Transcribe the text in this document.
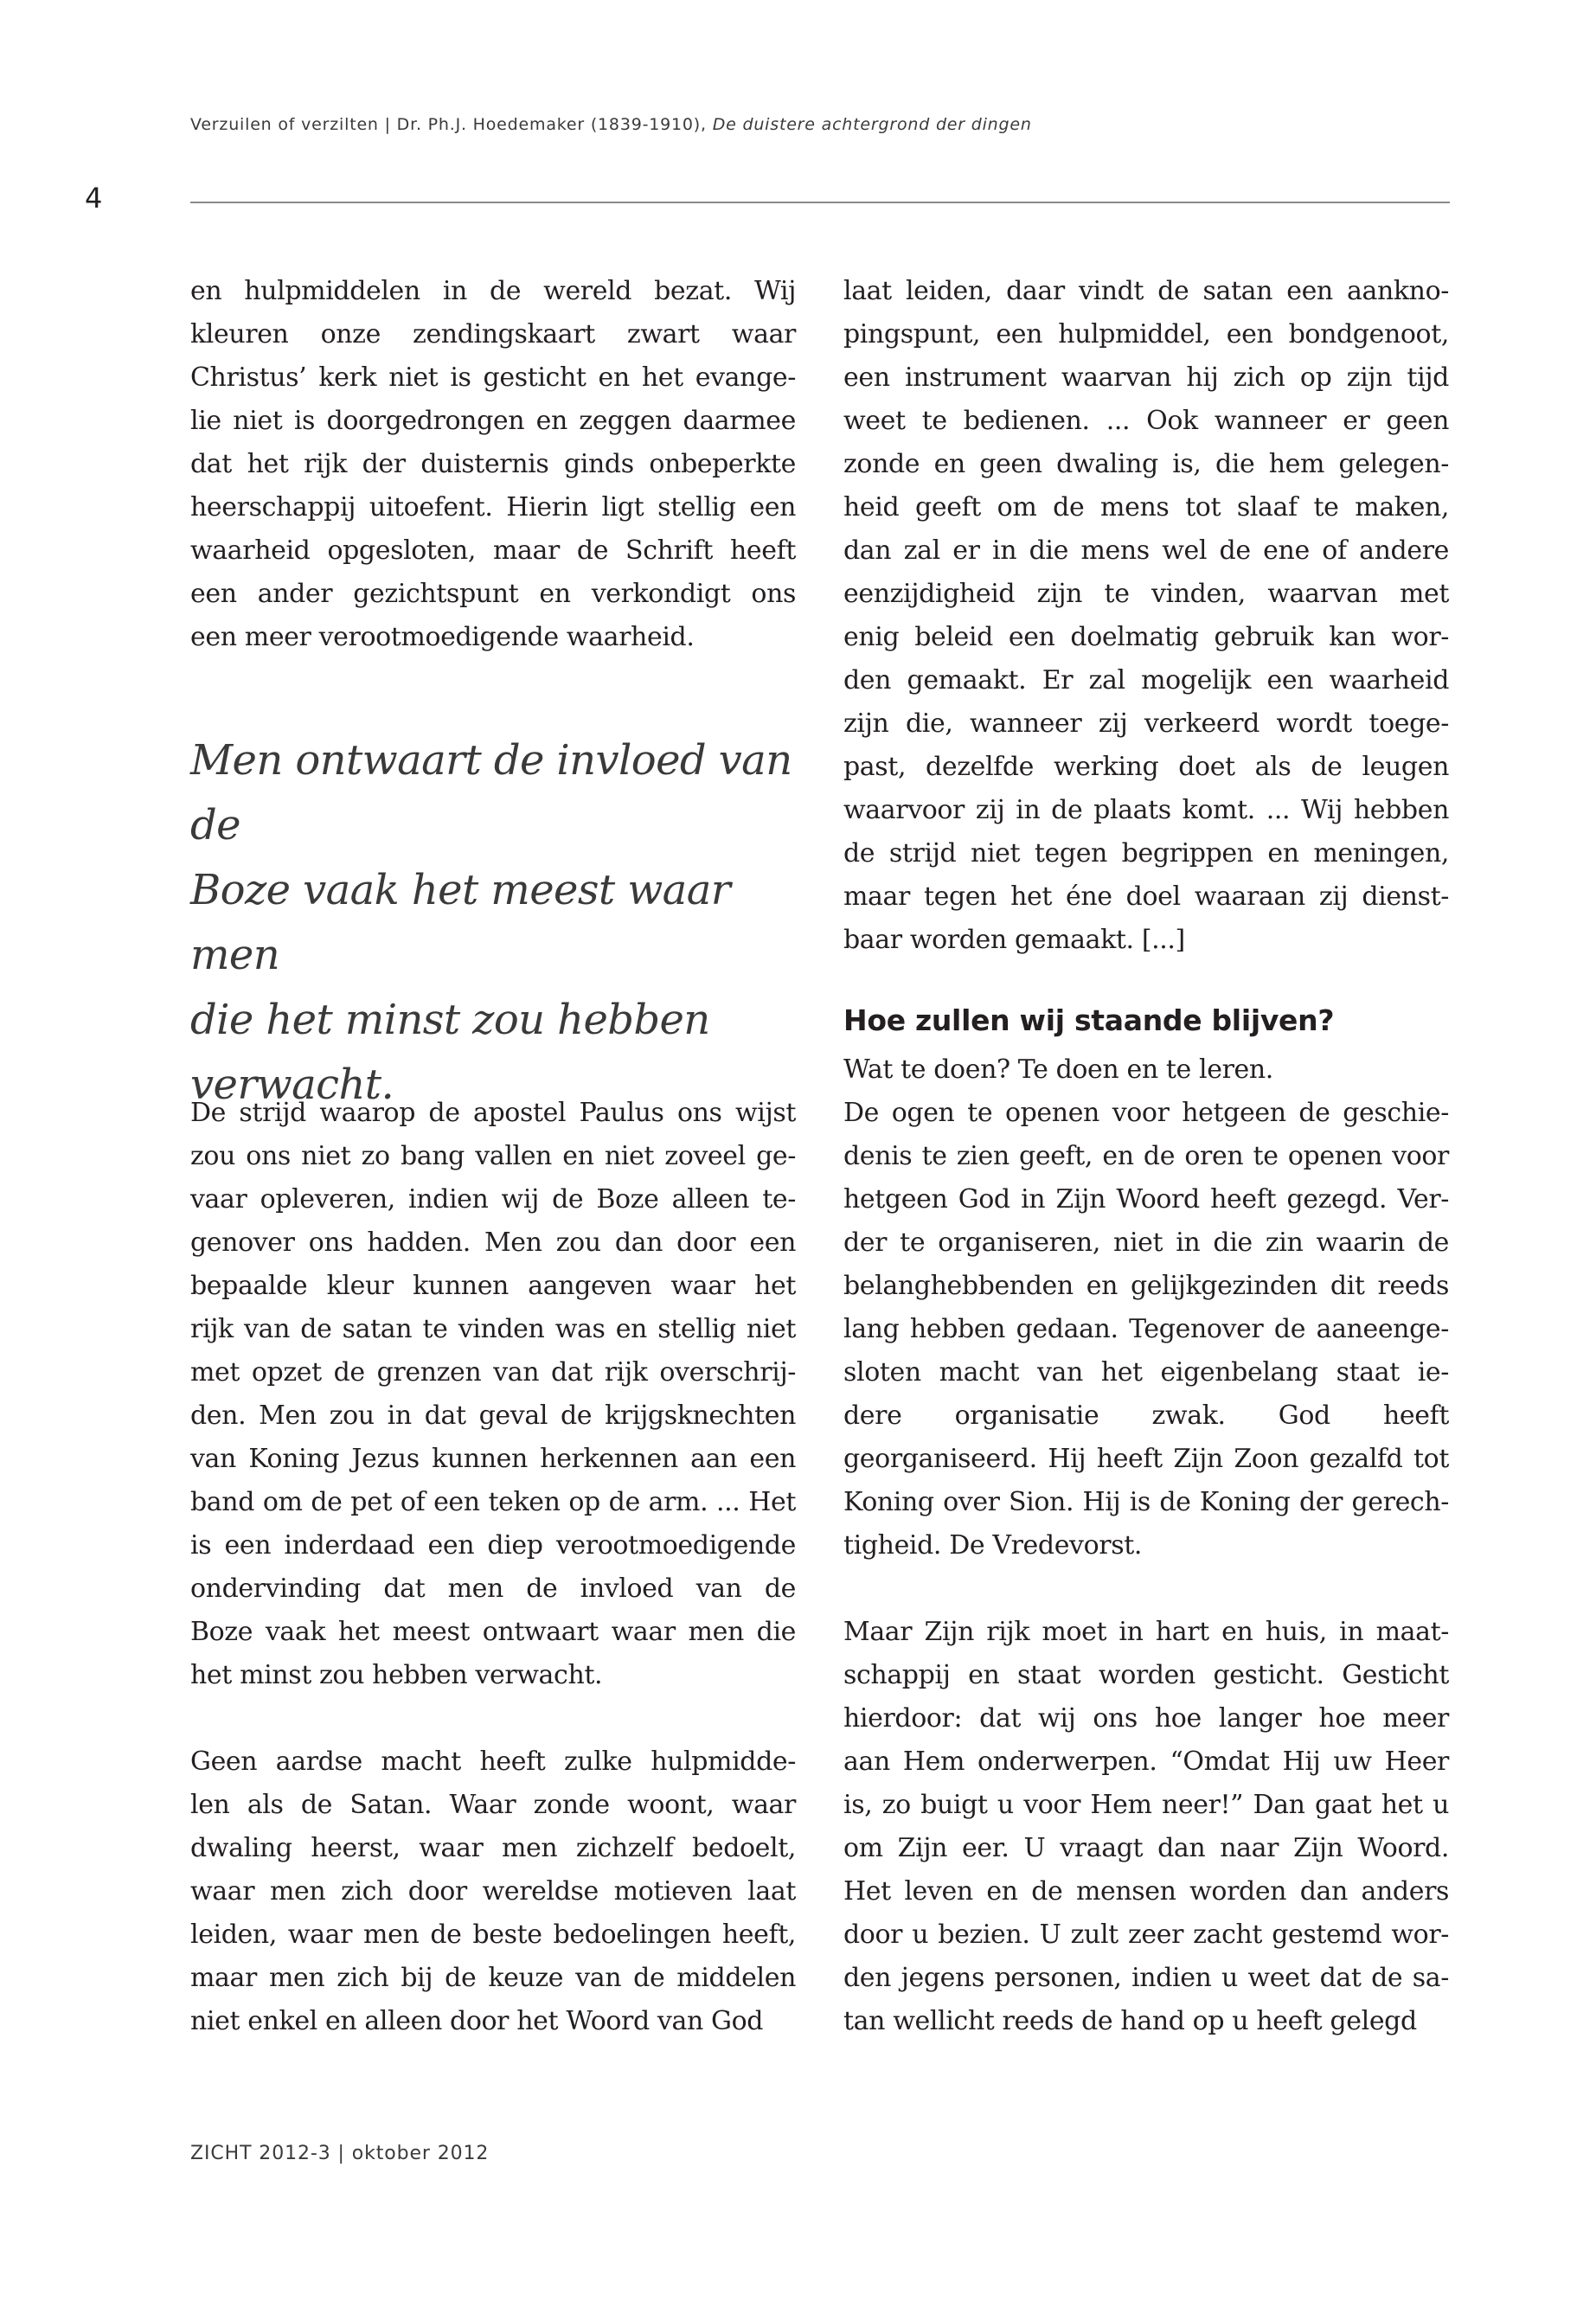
Verzuilen of verzilten | Dr. Ph.J. Hoedemaker (1839-1910), De duistere achtergrond der dingen
4

en hulpmiddelen in de wereld bezat. Wij
kleuren onze zendingskaart zwart waar
Christus’ kerk niet is gesticht en het evange-
lie niet is doorgedrongen en zeggen daarmee
dat het rijk der duisternis ginds onbeperkte
heerschappij uitoefent. Hierin ligt stellig een
waarheid opgesloten, maar de Schrift heeft
een ander gezichtspunt en verkondigt ons
een meer verootmoedigende waarheid.

Men ontwaart de invloed van de
Boze vaak het meest waar men
die het minst zou hebben
verwacht.

De strijd waarop de apostel Paulus ons wijst
zou ons niet zo bang vallen en niet zoveel ge-
vaar opleveren, indien wij de Boze alleen te-
genover ons hadden. Men zou dan door een
bepaalde kleur kunnen aangeven waar het
rijk van de satan te vinden was en stellig niet
met opzet de grenzen van dat rijk overschrij-
den. Men zou in dat geval de krijgsknechten
van Koning Jezus kunnen herkennen aan een
band om de pet of een teken op de arm. ... Het
is een inderdaad een diep verootmoedigende
ondervinding dat men de invloed van de
Boze vaak het meest ontwaart waar men die
het minst zou hebben verwacht.

Geen aardse macht heeft zulke hulpmidde-
len als de Satan. Waar zonde woont, waar
dwaling heerst, waar men zichzelf bedoelt,
waar men zich door wereldse motieven laat
leiden, waar men de beste bedoelingen heeft,
maar men zich bij de keuze van de middelen
niet enkel en alleen door het Woord van God

laat leiden, daar vindt de satan een aankno-
pingspunt, een hulpmiddel, een bondgenoot,
een instrument waarvan hij zich op zijn tijd
weet te bedienen. ... Ook wanneer er geen
zonde en geen dwaling is, die hem gelegen-
heid geeft om de mens tot slaaf te maken,
dan zal er in die mens wel de ene of andere
eenzijdigheid zijn te vinden, waarvan met
enig beleid een doelmatig gebruik kan wor-
den gemaakt. Er zal mogelijk een waarheid
zijn die, wanneer zij verkeerd wordt toege-
past, dezelfde werking doet als de leugen
waarvoor zij in de plaats komt. ... Wij hebben
de strijd niet tegen begrippen en meningen,
maar tegen het éne doel waaraan zij dienst-
baar worden gemaakt. [...]

Hoe zullen wij staande blijven?

Wat te doen? Te doen en te leren.

De ogen te openen voor hetgeen de geschie-
denis te zien geeft, en de oren te openen voor
hetgeen God in Zijn Woord heeft gezegd. Ver-
der te organiseren, niet in die zin waarin de
belanghebbenden en gelijkgezinden dit reeds
lang hebben gedaan. Tegenover de aaneenge-
sloten macht van het eigenbelang staat ie-
dere organisatie zwak. God heeft
georganiseerd. Hij heeft Zijn Zoon gezalfd tot
Koning over Sion. Hij is de Koning der gerech-
tigheid. De Vredevorst.

Maar Zijn rijk moet in hart en huis, in maat-
schappij en staat worden gesticht. Gesticht
hierdoor: dat wij ons hoe langer hoe meer
aan Hem onderwerpen. “Omdat Hij uw Heer
is, zo buigt u voor Hem neer!” Dan gaat het u
om Zijn eer. U vraagt dan naar Zijn Woord.
Het leven en de mensen worden dan anders
door u bezien. U zult zeer zacht gestemd wor-
den jegens personen, indien u weet dat de sa-
tan wellicht reeds de hand op u heeft gelegd

ZICHT 2012-3 | oktober 2012
